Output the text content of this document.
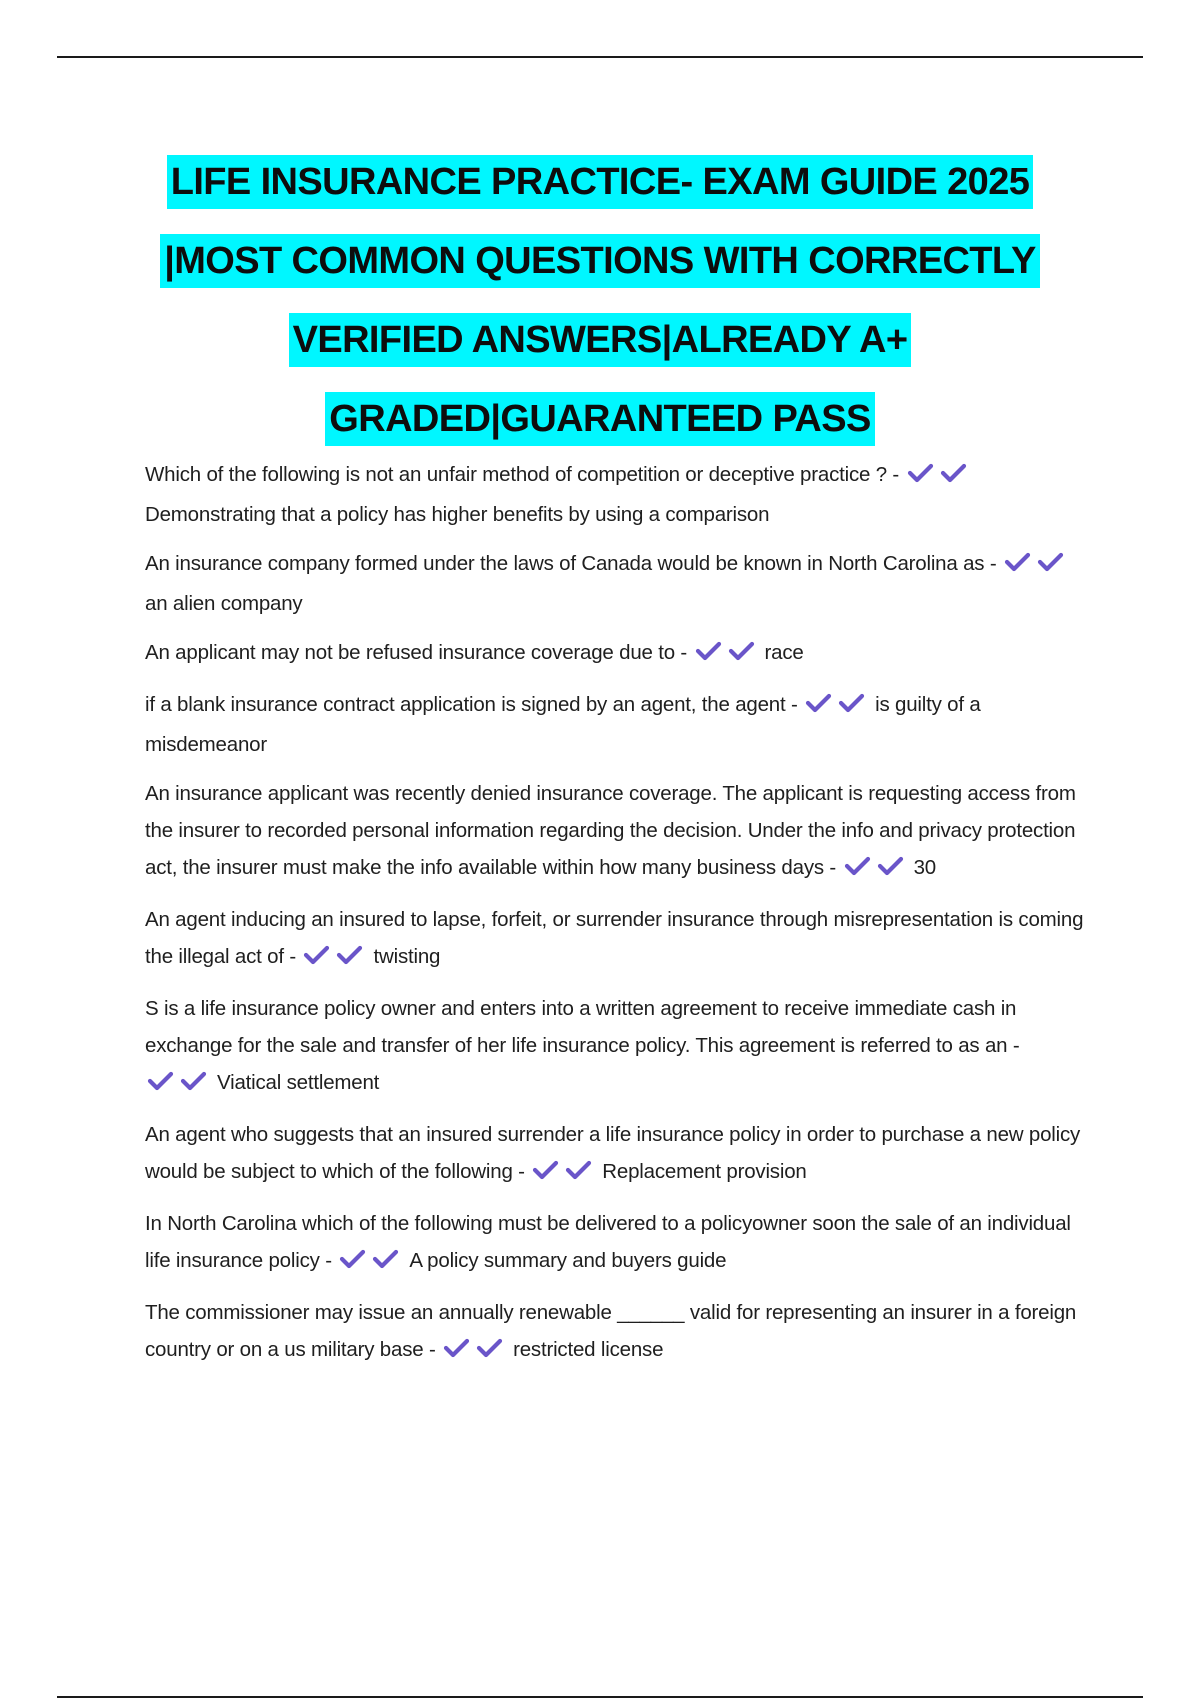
LIFE INSURANCE PRACTICE- EXAM GUIDE 2025
|MOST COMMON QUESTIONS WITH CORRECTLY
VERIFIED ANSWERS|ALREADY A+
GRADED|GUARANTEED PASS

Which of the following is not an unfair method of competition or deceptive practice ? -
Demonstrating that a policy has higher benefits by using a comparison

An insurance company formed under the laws of Canada would be known in North Carolina as -
an alien company

An applicant may not be refused insurance coverage due to -	race

if a blank insurance contract application is signed by an agent, the agent -	is guilty of a misdemeanor

An insurance applicant was recently denied insurance coverage. The applicant is requesting access from the insurer to recorded personal information regarding the decision. Under the info and privacy protection act, the insurer must make the info available within how many business days -	30

An agent inducing an insured to lapse, forfeit, or surrender insurance through misrepresentation is coming the illegal act of -	twisting

S is a life insurance policy owner and enters into a written agreement to receive immediate cash in exchange for the sale and transfer of her life insurance policy. This agreement is referred to as an -
Viatical settlement

An agent who suggests that an insured surrender a life insurance policy in order to purchase a new policy would be subject to which of the following -	Replacement provision

In North Carolina which of the following must be delivered to a policyowner soon the sale of an individual life insurance policy -	A policy summary and buyers guide

The commissioner may issue an annually renewable ______ valid for representing an insurer in a foreign country or on a us military base -	restricted license
